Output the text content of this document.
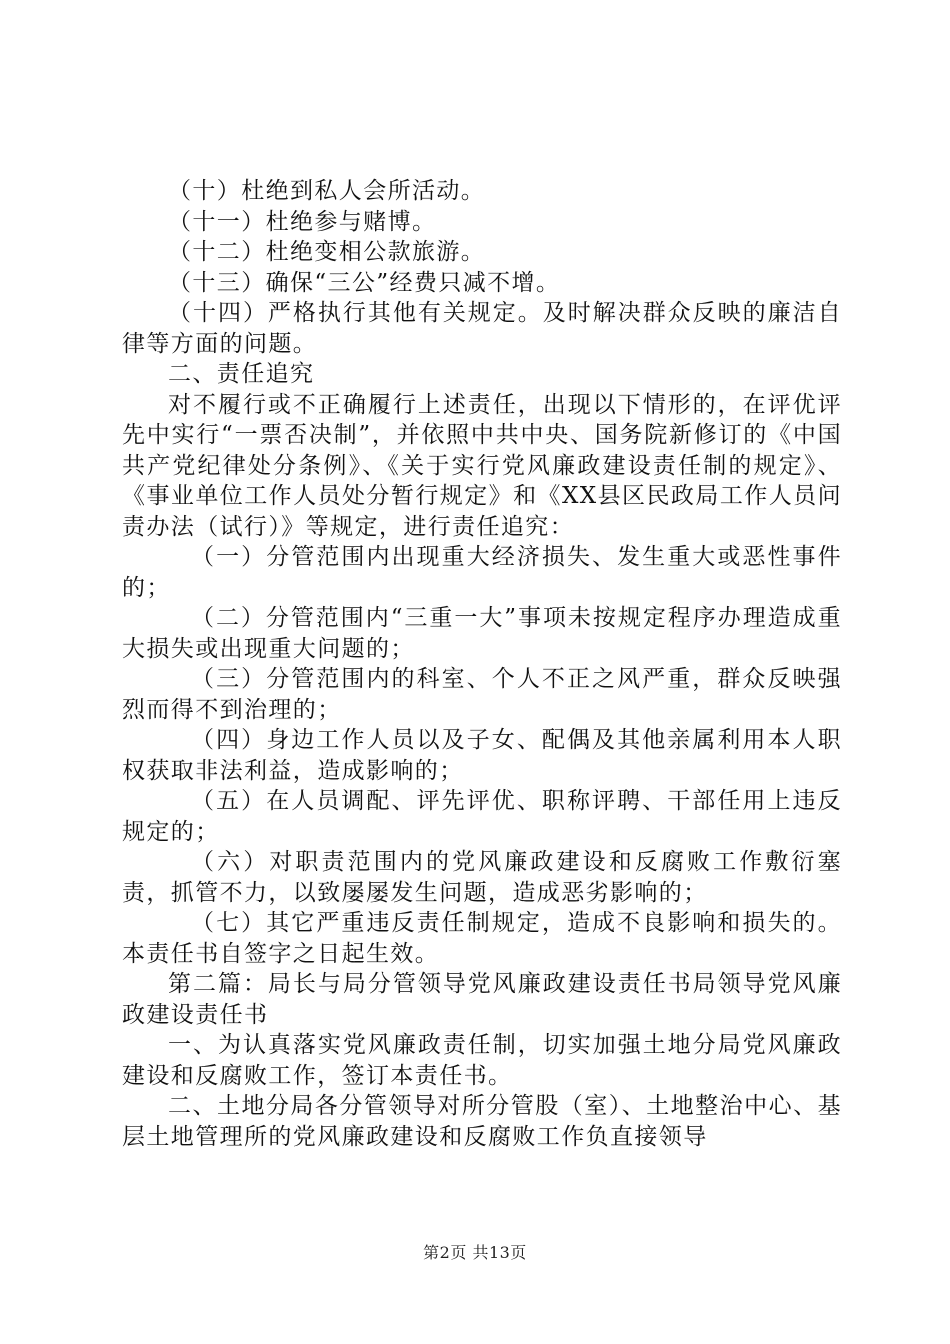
（十）杜绝到私人会所活动。

（十一）杜绝参与赌博。

（十二）杜绝变相公款旅游。

（十三）确保“三公”经费只减不增。

（十四）严格执行其他有关规定。及时解决群众反映的廉洁自律等方面的问题。

二、责任追究

对不履行或不正确履行上述责任，出现以下情形的，在评优评先中实行“一票否决制”，并依照中共中央、国务院新修订的《中国共产党纪律处分条例》、《关于实行党风廉政建设责任制的规定》、《事业单位工作人员处分暂行规定》和《XX县区民政局工作人员问责办法（试行）》等规定，进行责任追究：

（一）分管范围内出现重大经济损失、发生重大或恶性事件的；

（二）分管范围内“三重一大”事项未按规定程序办理造成重大损失或出现重大问题的；

（三）分管范围内的科室、个人不正之风严重，群众反映强烈而得不到治理的；

（四）身边工作人员以及子女、配偶及其他亲属利用本人职权获取非法利益，造成影响的；

（五）在人员调配、评先评优、职称评聘、干部任用上违反规定的；

（六）对职责范围内的党风廉政建设和反腐败工作敷衍塞责，抓管不力，以致屡屡发生问题，造成恶劣影响的；

（七）其它严重违反责任制规定，造成不良影响和损失的。本责任书自签字之日起生效。

第二篇：局长与局分管领导党风廉政建设责任书局领导党风廉政建设责任书

一、为认真落实党风廉政责任制，切实加强土地分局党风廉政建设和反腐败工作，签订本责任书。

二、土地分局各分管领导对所分管股（室）、土地整治中心、基层土地管理所的党风廉政建设和反腐败工作负直接领导

第2页 共13页
